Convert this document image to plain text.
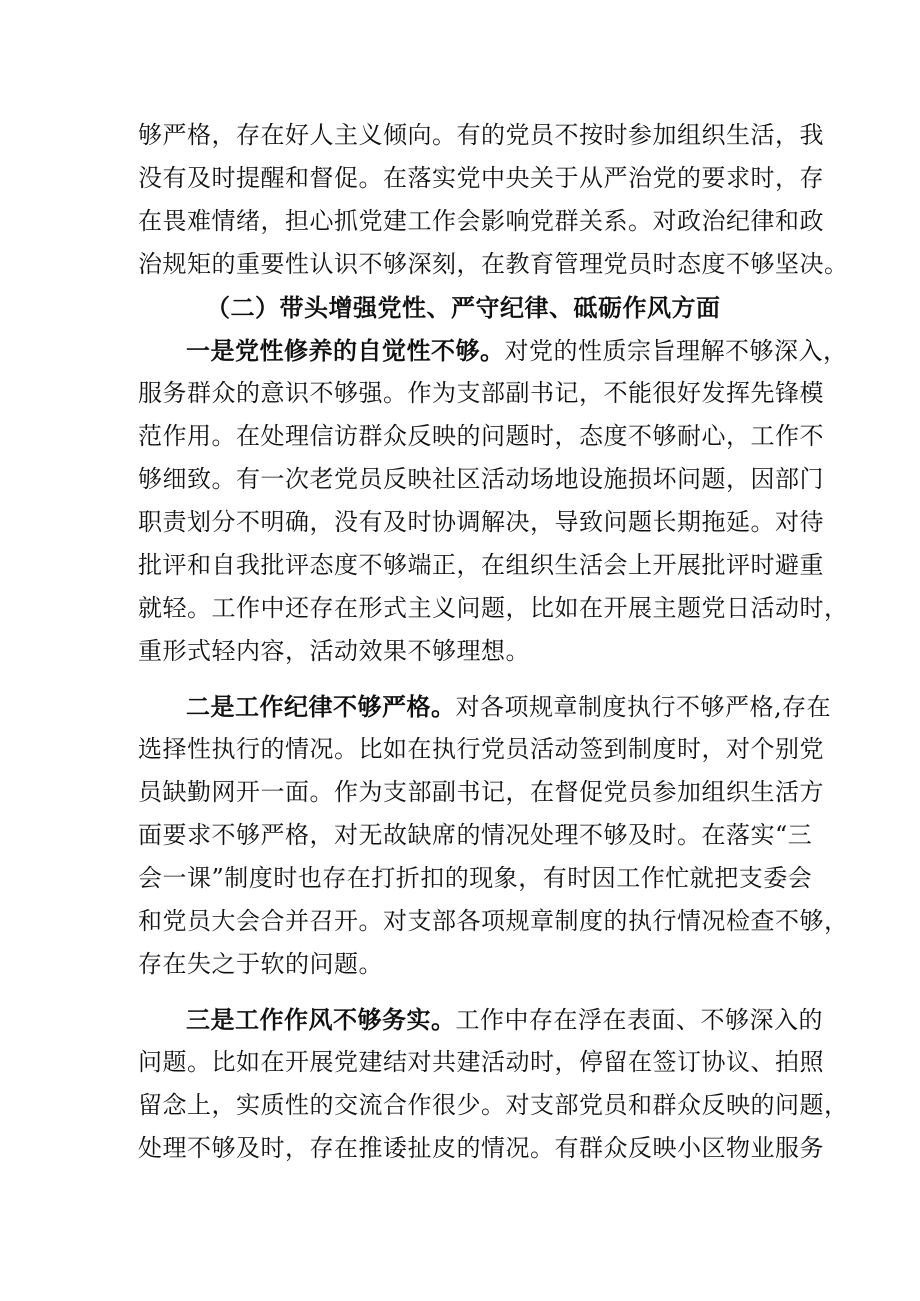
够严格，存在好人主义倾向。有的党员不按时参加组织生活，我
没有及时提醒和督促。在落实党中央关于从严治党的要求时，存
在畏难情绪，担心抓党建工作会影响党群关系。对政治纪律和政
治规矩的重要性认识不够深刻，在教育管理党员时态度不够坚决。
（二）带头增强党性、严守纪律、砥砺作风方面
一是党性修养的自觉性不够。对党的性质宗旨理解不够深入，
服务群众的意识不够强。作为支部副书记，不能很好发挥先锋模
范作用。在处理信访群众反映的问题时，态度不够耐心，工作不
够细致。有一次老党员反映社区活动场地设施损坏问题，因部门
职责划分不明确，没有及时协调解决，导致问题长期拖延。对待
批评和自我批评态度不够端正，在组织生活会上开展批评时避重
就轻。工作中还存在形式主义问题，比如在开展主题党日活动时，
重形式轻内容，活动效果不够理想。
二是工作纪律不够严格。对各项规章制度执行不够严格,存在
选择性执行的情况。比如在执行党员活动签到制度时，对个别党
员缺勤网开一面。作为支部副书记，在督促党员参加组织生活方
面要求不够严格，对无故缺席的情况处理不够及时。在落实“三
会一课”制度时也存在打折扣的现象，有时因工作忙就把支委会
和党员大会合并召开。对支部各项规章制度的执行情况检查不够，
存在失之于软的问题。
三是工作作风不够务实。工作中存在浮在表面、不够深入的
问题。比如在开展党建结对共建活动时，停留在签订协议、拍照
留念上，实质性的交流合作很少。对支部党员和群众反映的问题，
处理不够及时，存在推诿扯皮的情况。有群众反映小区物业服务
